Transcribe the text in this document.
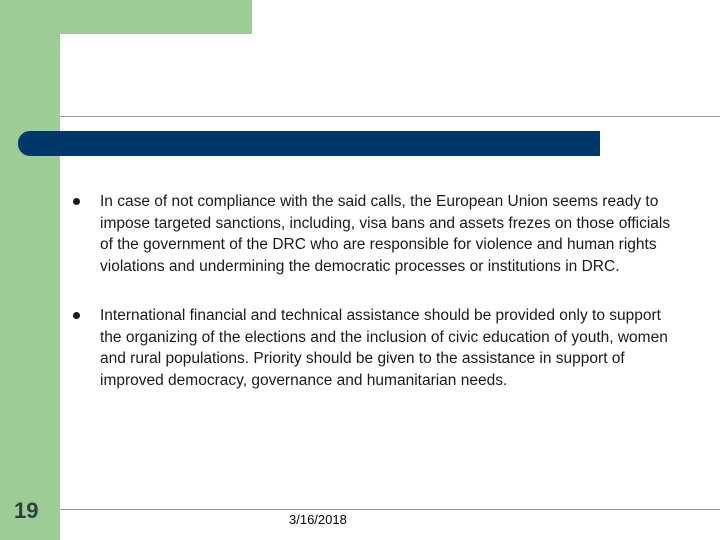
In case of not compliance with the said calls, the European Union seems ready to impose targeted sanctions, including, visa bans and assets frezes on those officials of the government of the DRC who are responsible for violence and human rights violations and undermining the democratic processes or institutions in DRC.
International financial and technical assistance should be provided only to support the organizing of the elections and the inclusion of civic education of youth, women and rural populations. Priority should be given to the assistance in support of improved democracy, governance and humanitarian needs.
19	3/16/2018
